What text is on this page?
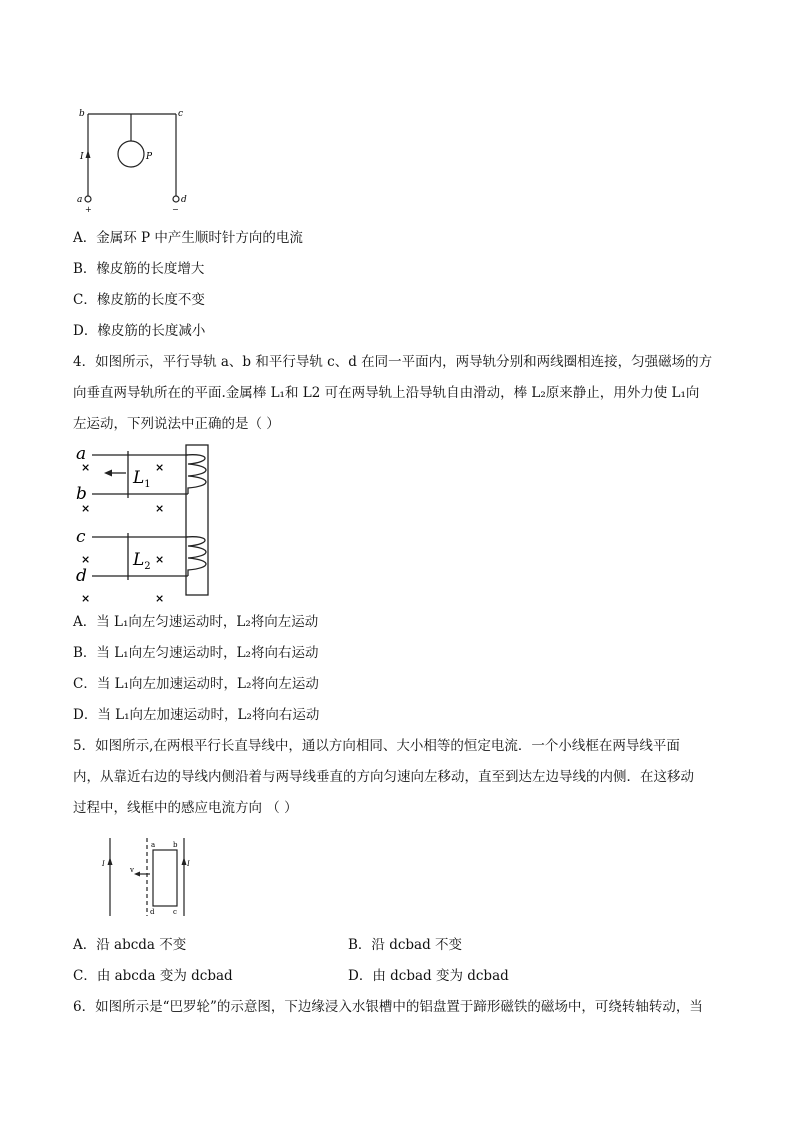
b	c
I	P
a	d
+	−
A．金属环 P 中产生顺时针方向的电流
B．橡皮筋的长度增大
C．橡皮筋的长度不变
D．橡皮筋的长度减小
4．如图所示，平行导轨 a、b 和平行导轨 c、d 在同一平面内，两导轨分别和两线圈相连接，匀强磁场的方
向垂直两导轨所在的平面.金属棒 L₁和 L2 可在两导轨上沿导轨自由滑动，棒 L₂原来静止，用外力使 L₁向
左运动，下列说法中正确的是（ ）
a
b
c
d
$L_1$
$L_2$
×	×
×	×
×	×
×	×
A．当 L₁向左匀速运动时，L₂将向左运动
B．当 L₁向左匀速运动时，L₂将向右运动
C．当 L₁向左加速运动时，L₂将向左运动
D．当 L₁向左加速运动时，L₂将向右运动
5．如图所示,在两根平行长直导线中，通以方向相同、大小相等的恒定电流．一个小线框在两导线平面
内，从靠近右边的导线内侧沿着与两导线垂直的方向匀速向左移动，直至到达左边导线的内侧．在这移动
过程中，线框中的感应电流方向 （ ）
I	I
v
a	b
d	c
A．沿 abcda 不变	B．沿 dcbad 不变
C．由 abcda 变为 dcbad	D．由 dcbad 变为 dcbad
6．如图所示是“巴罗轮”的示意图，下边缘浸入水银槽中的铝盘置于蹄形磁铁的磁场中，可绕转轴转动，当
